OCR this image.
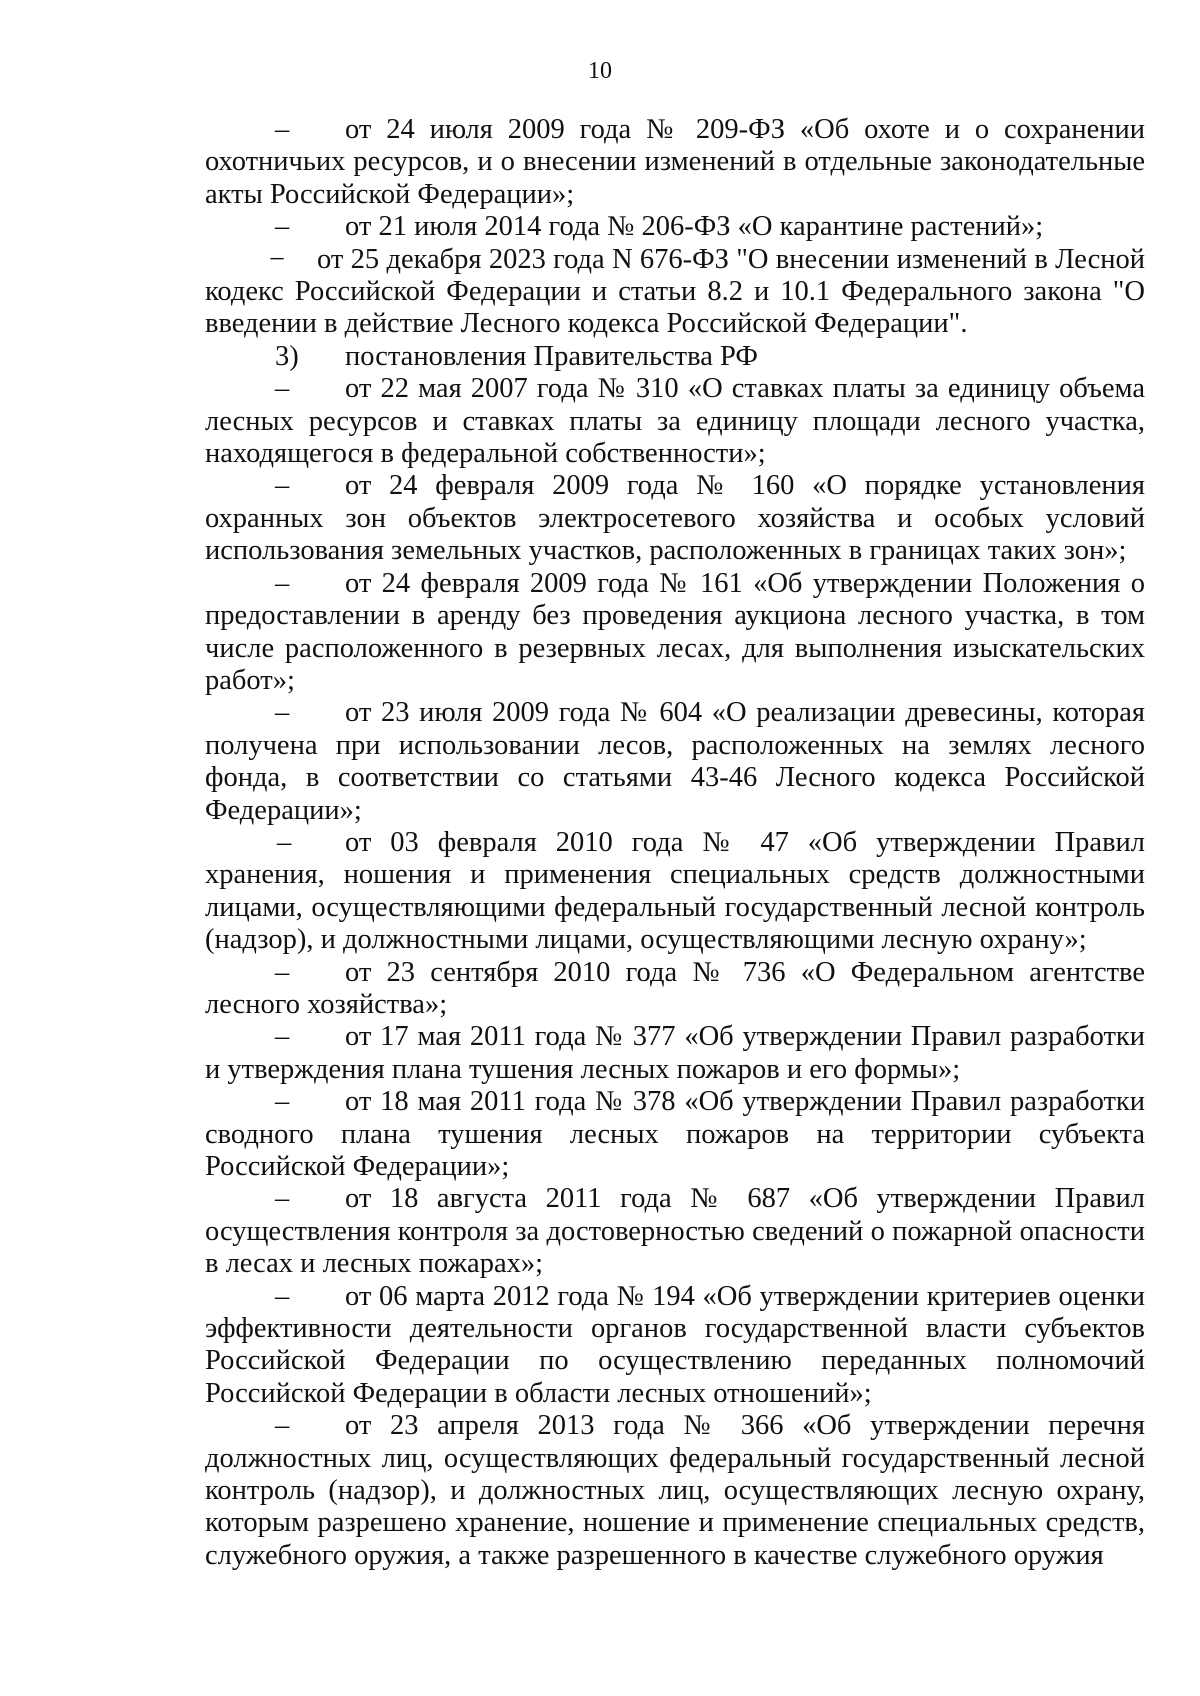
10

– от 24 июля 2009 года № 209-ФЗ «Об охоте и о сохранении охотничьих ресурсов, и о внесении изменений в отдельные законодательные акты Российской Федерации»;

– от 21 июля 2014 года № 206-ФЗ «О карантине растений»;

− от 25 декабря 2023 года N 676-ФЗ "О внесении изменений в Лесной кодекс Российской Федерации и статьи 8.2 и 10.1 Федерального закона "О введении в действие Лесного кодекса Российской Федерации".

3) постановления Правительства РФ

– от 22 мая 2007 года № 310 «О ставках платы за единицу объема лесных ресурсов и ставках платы за единицу площади лесного участка, находящегося в федеральной собственности»;

– от 24 февраля 2009 года № 160 «О порядке установления охранных зон объектов электросетевого хозяйства и особых условий использования земельных участков, расположенных в границах таких зон»;

– от 24 февраля 2009 года № 161 «Об утверждении Положения о предоставлении в аренду без проведения аукциона лесного участка, в том числе расположенного в резервных лесах, для выполнения изыскательских работ»;

– от 23 июля 2009 года № 604 «О реализации древесины, которая получена при использовании лесов, расположенных на землях лесного фонда, в соответствии со статьями 43-46 Лесного кодекса Российской Федерации»;

– от 03 февраля 2010 года № 47 «Об утверждении Правил хранения, ношения и применения специальных средств должностными лицами, осуществляющими федеральный государственный лесной контроль (надзор), и должностными лицами, осуществляющими лесную охрану»;

– от 23 сентября 2010 года № 736 «О Федеральном агентстве лесного хозяйства»;

– от 17 мая 2011 года № 377 «Об утверждении Правил разработки и утверждения плана тушения лесных пожаров и его формы»;

– от 18 мая 2011 года № 378 «Об утверждении Правил разработки сводного плана тушения лесных пожаров на территории субъекта Российской Федерации»;

– от 18 августа 2011 года № 687 «Об утверждении Правил осуществления контроля за достоверностью сведений о пожарной опасности в лесах и лесных пожарах»;

– от 06 марта 2012 года № 194 «Об утверждении критериев оценки эффективности деятельности органов государственной власти субъектов Российской Федерации по осуществлению переданных полномочий Российской Федерации в области лесных отношений»;

– от 23 апреля 2013 года № 366 «Об утверждении перечня должностных лиц, осуществляющих федеральный государственный лесной контроль (надзор), и должностных лиц, осуществляющих лесную охрану, которым разрешено хранение, ношение и применение специальных средств, служебного оружия, а также разрешенного в качестве служебного оружия
